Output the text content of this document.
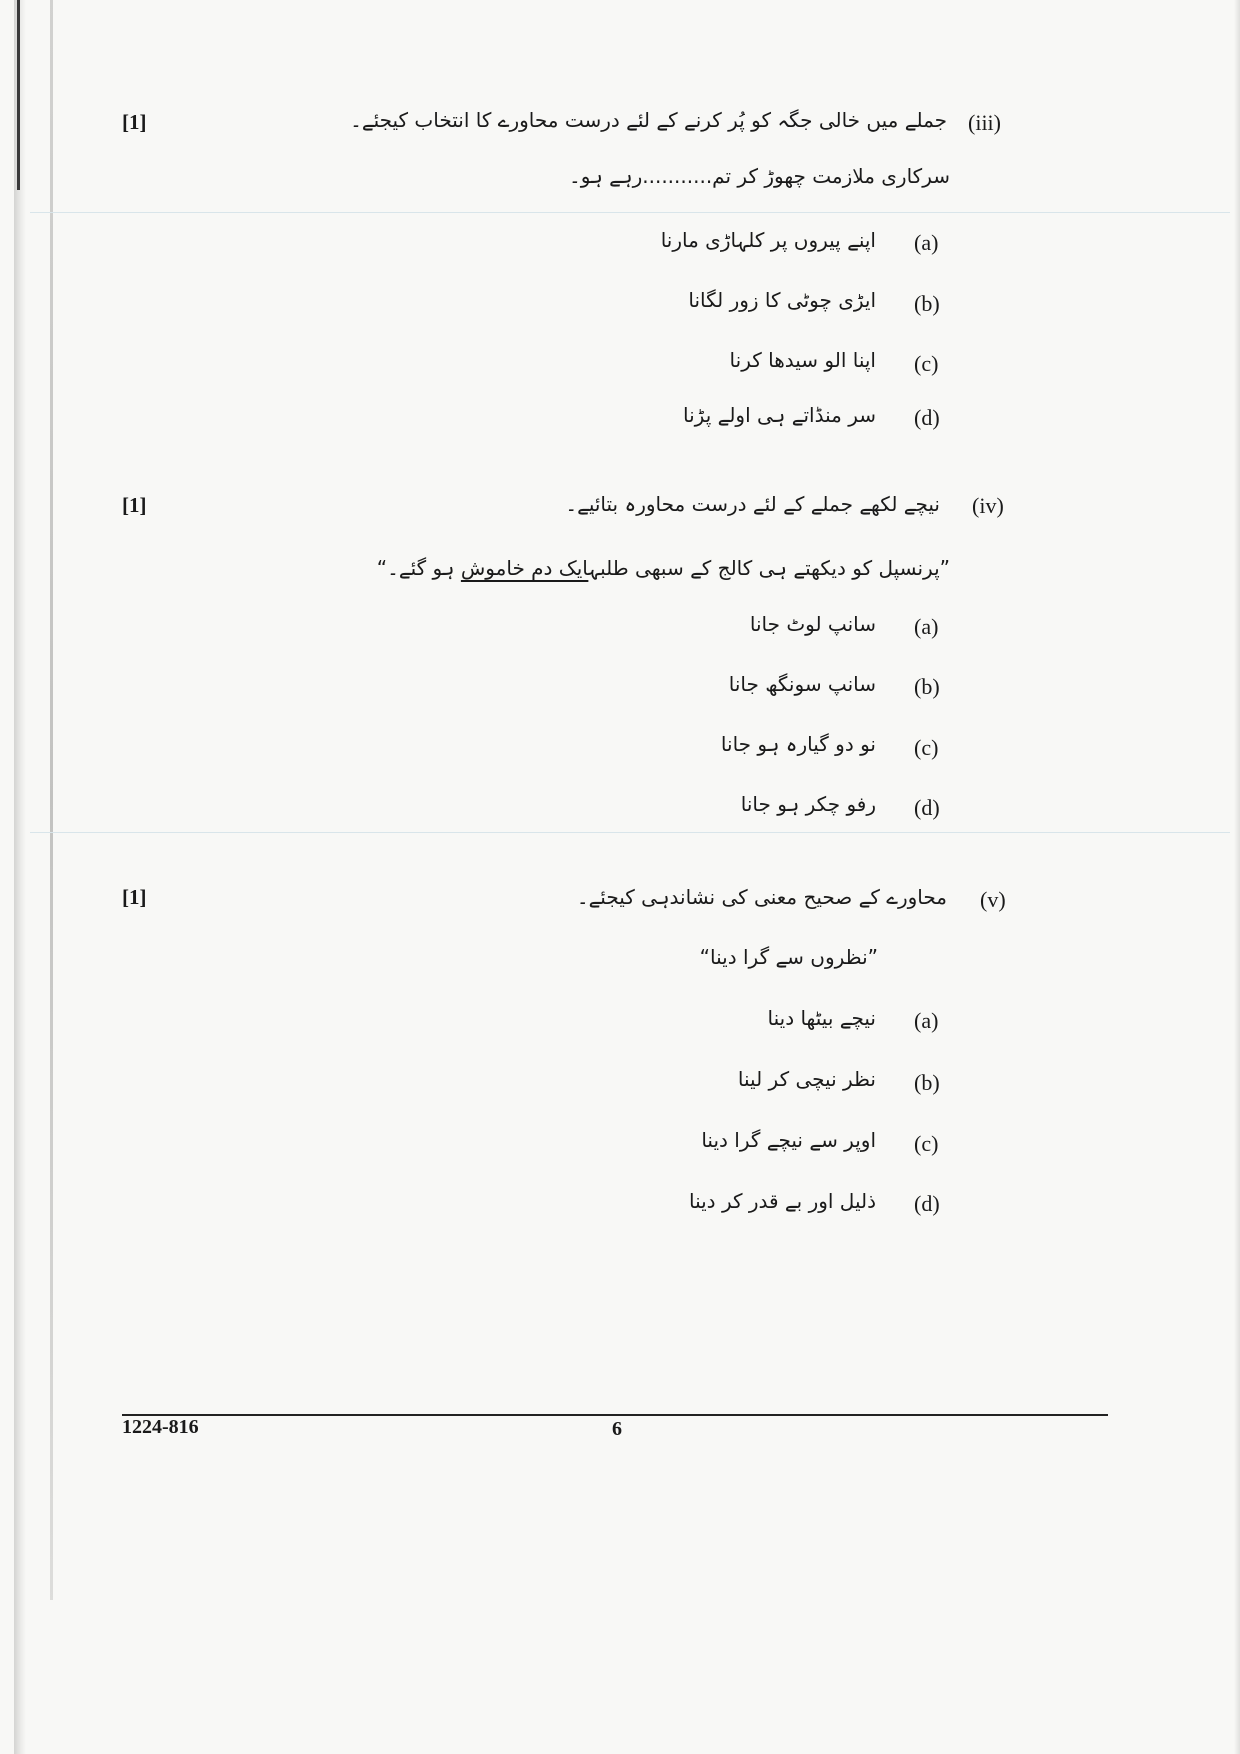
[1]	(iii)
جملے میں خالی جگہ کو پُر کرنے کے لئے درست محاورے کا انتخاب کیجئے۔
سرکاری ملازمت چھوڑ کر تم...........رہے ہو۔
(a)
اپنے پیروں پر کلہاڑی مارنا
(b)
ایڑی چوٹی کا زور لگانا
(c)
اپنا الو سیدھا کرنا
(d)
سر منڈاتے ہی اولے پڑنا
[1]	(iv)
نیچے لکھے جملے کے لئے درست محاورہ بتائیے۔
”پرنسپل کو دیکھتے ہی کالج کے سبھی طلبہایک دم خاموش ہو گئے۔“
(a)
سانپ لوٹ جانا
(b)
سانپ سونگھ جانا
(c)
نو دو گیارہ ہو جانا
(d)
رفو چکر ہو جانا
[1]	(v)
محاورے کے صحیح معنی کی نشاندہی کیجئے۔
”نظروں سے گرا دینا“
(a)
نیچے بیٹھا دینا
(b)
نظر نیچی کر لینا
(c)
اوپر سے نیچے گرا دینا
(d)
ذلیل اور بے قدر کر دینا
1224-816	6
